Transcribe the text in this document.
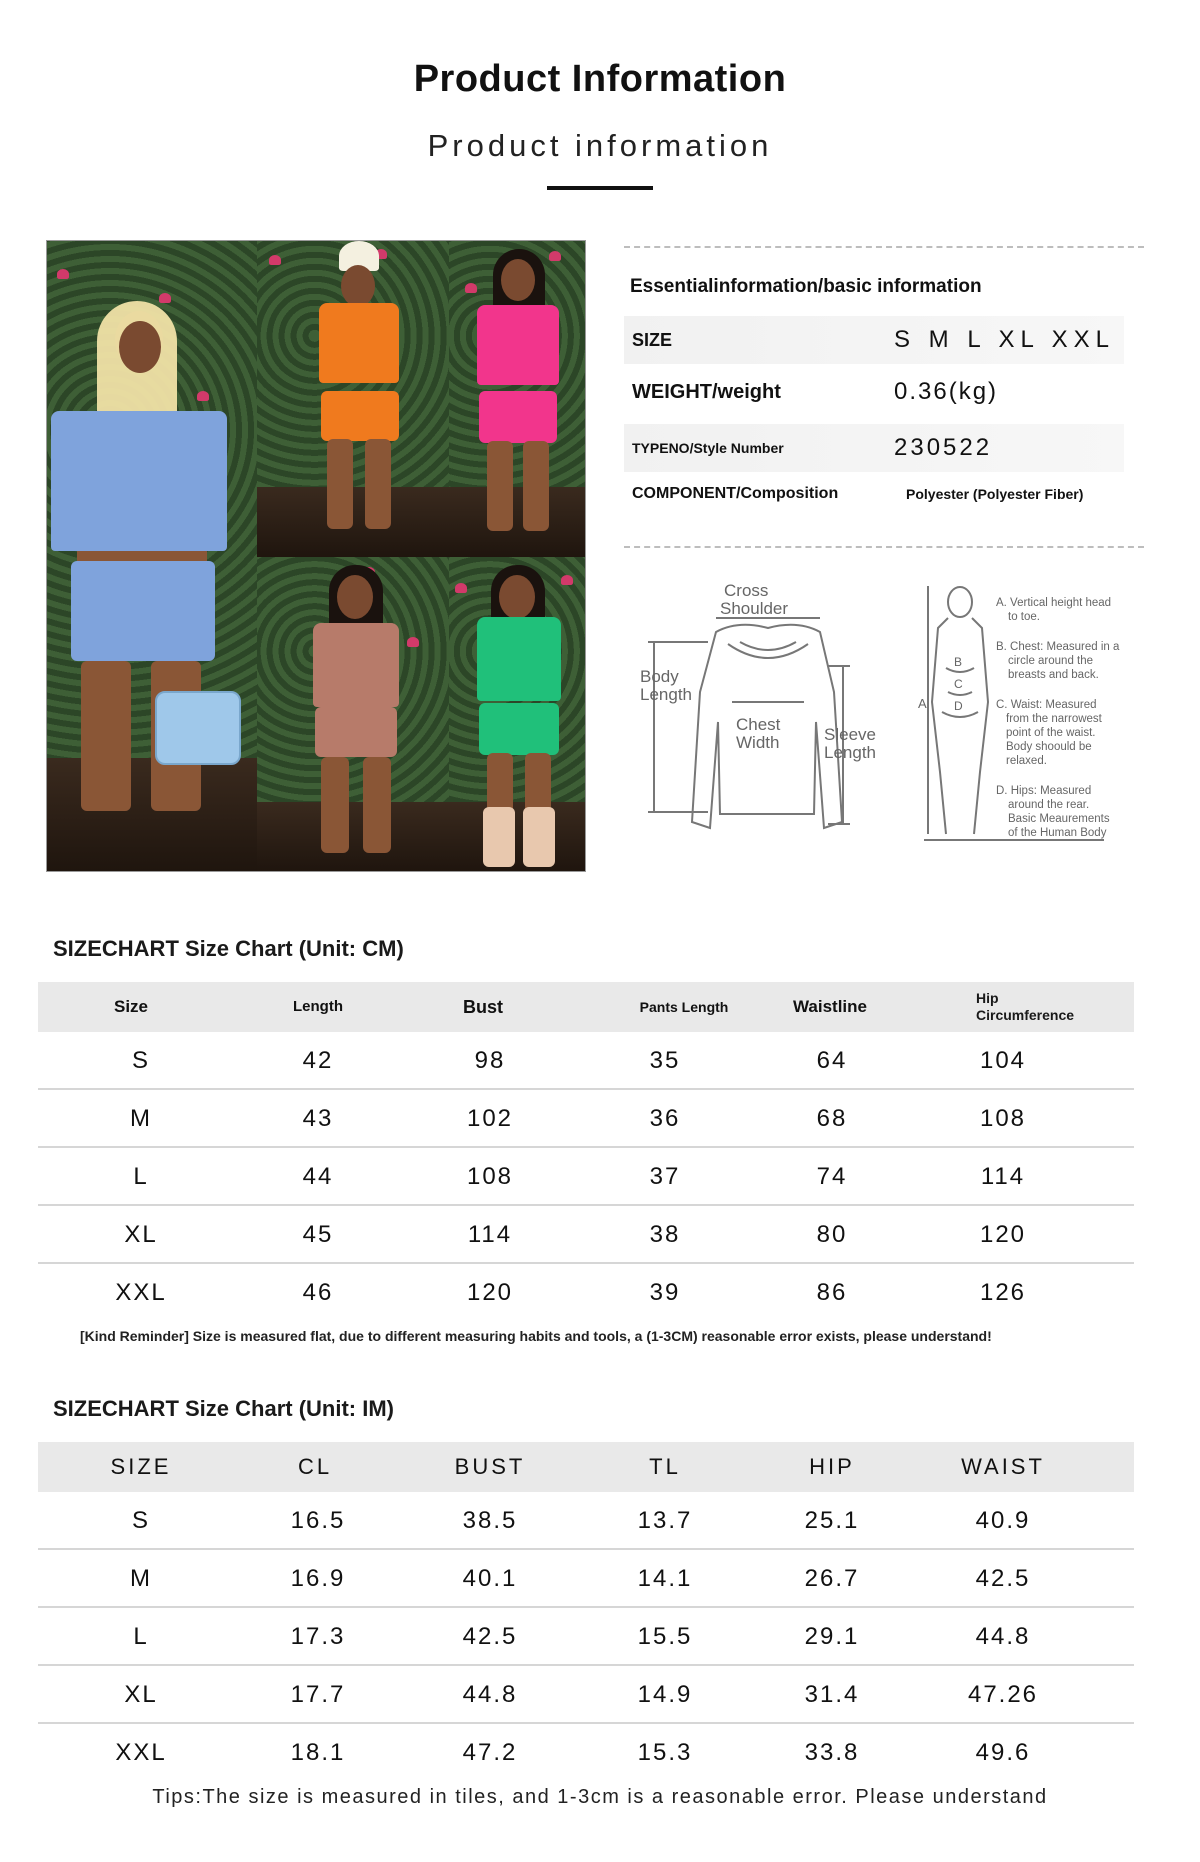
Product Information
Product information
Essentialinformation/basic information
SIZE	S M L XL XXL
WEIGHT/weight	0.36(kg)
TYPENO/Style Number	230522
COMPONENT/Composition	Polyester (Polyester Fiber)
Cross
Shoulder
Body
Length
Chest
Width	Sleeve
Length
A
B
C
D
A. Vertical height head
to toe.
B. Chest: Measured in a
circle around the
breasts and back.
C. Waist: Measured
from the narrowest
point of the waist.
Body shoould be
relaxed.
D. Hips: Measured
around the rear.
Basic Meaurements
of the Human Body
SIZECHART Size Chart (Unit: CM)
Size	Length	Bust	Pants Length	Waistline	Hip
Circumference
S	42	98	35	64	104
M	43	102	36	68	108
L	44	108	37	74	114
XL	45	114	38	80	120
XXL	46	120	39	86	126
[Kind Reminder] Size is measured flat, due to different measuring habits and tools, a (1-3CM) reasonable error exists, please understand!
SIZECHART Size Chart (Unit: IM)
SIZE	CL	BUST	TL	HIP	WAIST
S	16.5	38.5	13.7	25.1	40.9
M	16.9	40.1	14.1	26.7	42.5
L	17.3	42.5	15.5	29.1	44.8
XL	17.7	44.8	14.9	31.4	47.26
XXL	18.1	47.2	15.3	33.8	49.6
Tips:The size is measured in tiles, and 1-3cm is a reasonable error. Please understand
